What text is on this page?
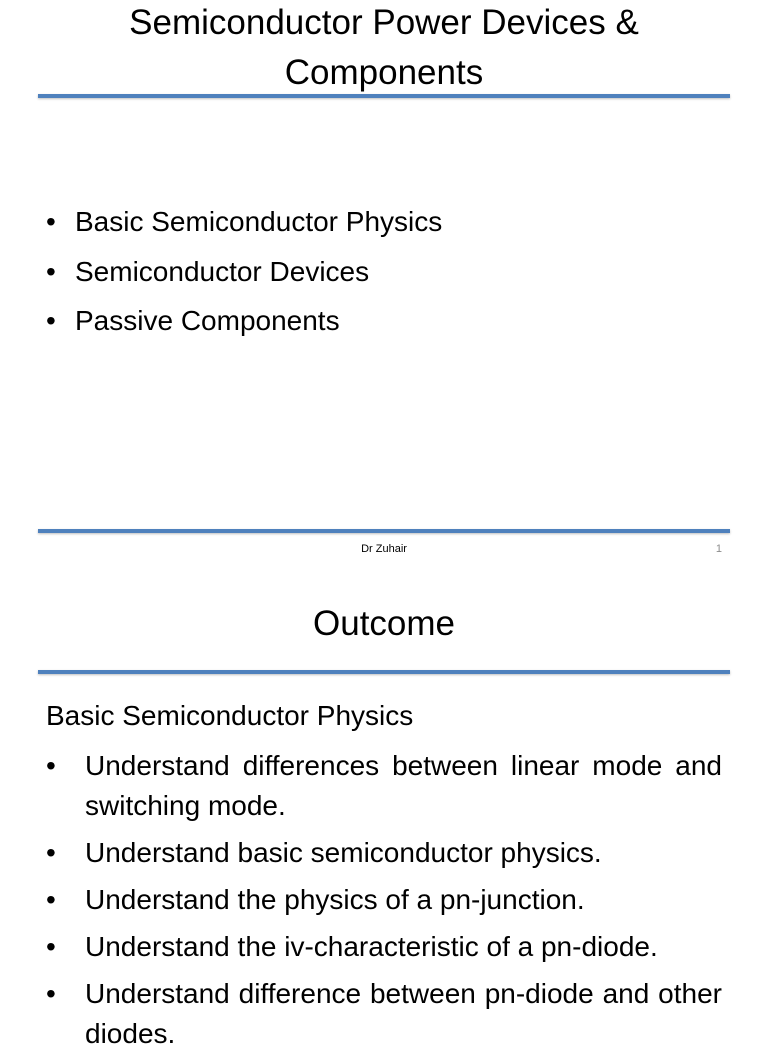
Semiconductor Power Devices & Components
• Basic Semiconductor Physics
• Semiconductor Devices
• Passive Components
Dr Zuhair	1
Outcome
Basic Semiconductor Physics
• Understand differences between linear mode and switching mode.
• Understand basic semiconductor physics.
• Understand the physics of a pn-junction.
• Understand the iv-characteristic of a pn-diode.
• Understand difference between pn-diode and other diodes.
